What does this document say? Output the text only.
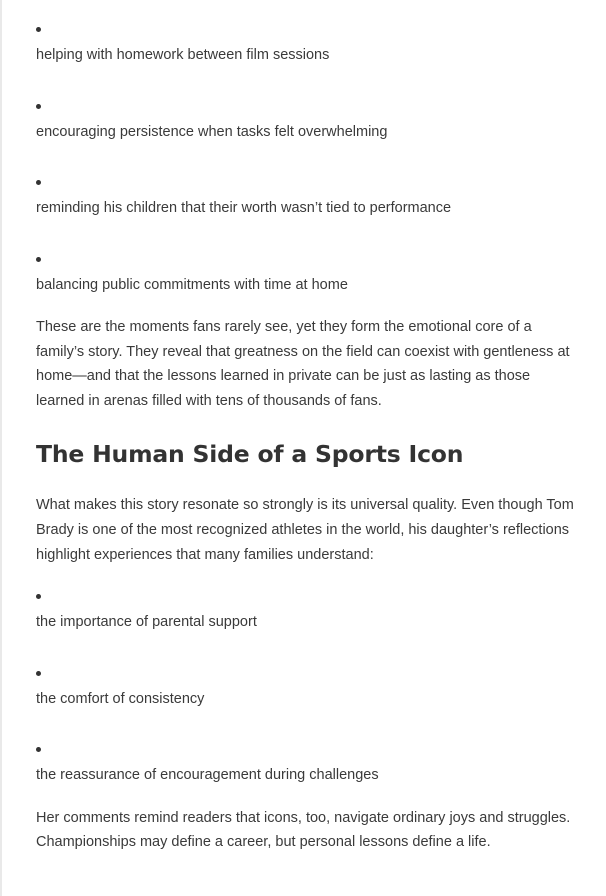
helping with homework between film sessions
encouraging persistence when tasks felt overwhelming
reminding his children that their worth wasn’t tied to performance
balancing public commitments with time at home

These are the moments fans rarely see, yet they form the emotional core of a family’s story. They reveal that greatness on the field can coexist with gentleness at home—and that the lessons learned in private can be just as lasting as those learned in arenas filled with tens of thousands of fans.

The Human Side of a Sports Icon

What makes this story resonate so strongly is its universal quality. Even though Tom Brady is one of the most recognized athletes in the world, his daughter’s reflections highlight experiences that many families understand:

the importance of parental support
the comfort of consistency
the reassurance of encouragement during challenges

Her comments remind readers that icons, too, navigate ordinary joys and struggles. Championships may define a career, but personal lessons define a life.
